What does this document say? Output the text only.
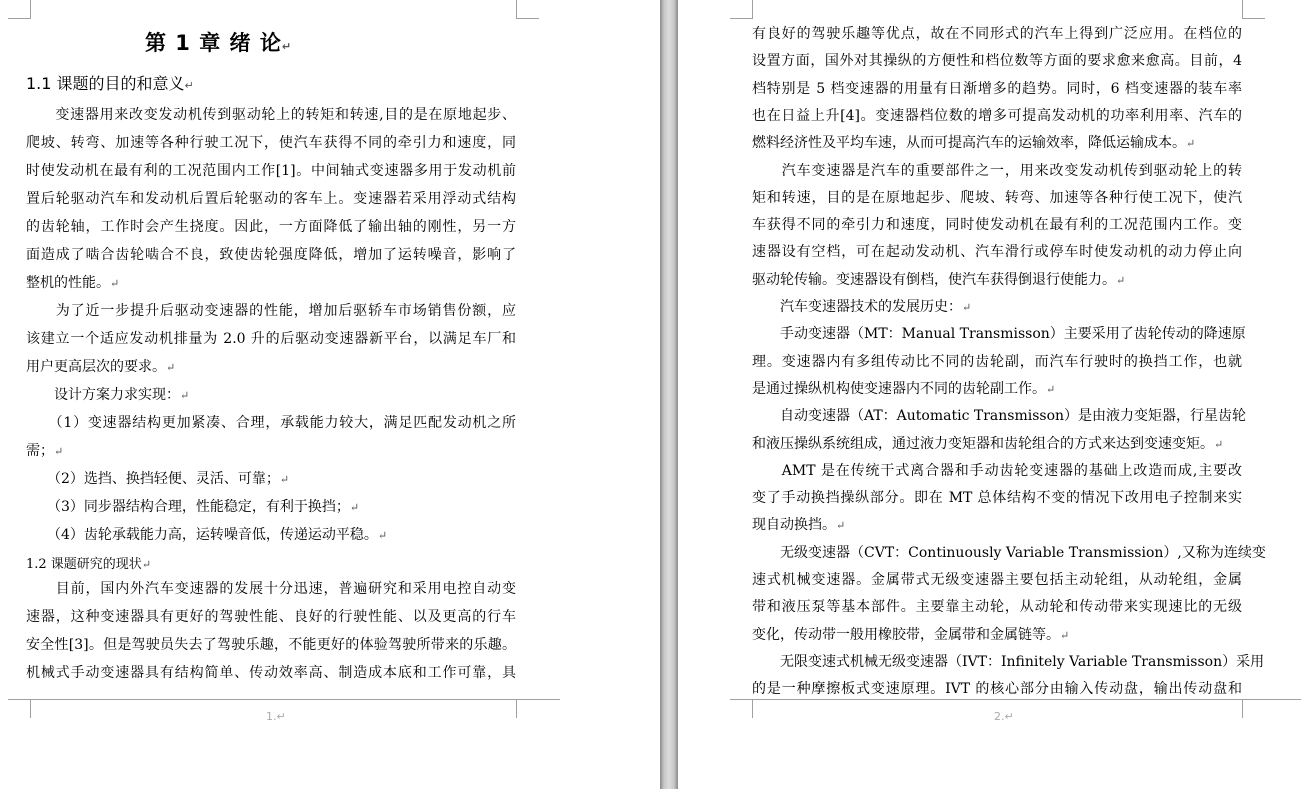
第 1 章 绪 论↵
1.1 课题的目的和意义↵
　　变速器用来改变发动机传到驱动轮上的转矩和转速,目的是在原地起步、
爬坡、转弯、加速等各种行驶工况下，使汽车获得不同的牵引力和速度，同
时使发动机在最有利的工况范围内工作[1]。中间轴式变速器多用于发动机前
置后轮驱动汽车和发动机后置后轮驱动的客车上。变速器若采用浮动式结构
的齿轮轴，工作时会产生挠度。因此，一方面降低了输出轴的刚性，另一方
面造成了啮合齿轮啮合不良，致使齿轮强度降低，增加了运转噪音，影响了
整机的性能。↵
　　为了近一步提升后驱动变速器的性能，增加后驱轿车市场销售份额，应
该建立一个适应发动机排量为 2.0 升的后驱动变速器新平台，以满足车厂和
用户更高层次的要求。↵
　　设计方案力求实现：↵
　　（1）变速器结构更加紧凑、合理，承载能力较大，满足匹配发动机之所
需；↵
　　（2）选挡、换挡轻便、灵活、可靠；↵
　　（3）同步器结构合理，性能稳定，有利于换挡；↵
　　（4）齿轮承载能力高，运转噪音低，传递运动平稳。↵
1.2 课题研究的现状↵
　　目前，国内外汽车变速器的发展十分迅速，普遍研究和采用电控自动变
速器，这种变速器具有更好的驾驶性能、良好的行驶性能、以及更高的行车
安全性[3]。但是驾驶员失去了驾驶乐趣，不能更好的体验驾驶所带来的乐趣。
机械式手动变速器具有结构简单、传动效率高、制造成本底和工作可靠，具
1.↵
有良好的驾驶乐趣等优点，故在不同形式的汽车上得到广泛应用。在档位的
设置方面，国外对其操纵的方便性和档位数等方面的要求愈来愈高。目前，4
档特别是 5 档变速器的用量有日渐增多的趋势。同时，6 档变速器的装车率
也在日益上升[4]。变速器档位数的增多可提高发动机的功率利用率、汽车的
燃料经济性及平均车速，从而可提高汽车的运输效率，降低运输成本。↵
　　汽车变速器是汽车的重要部件之一，用来改变发动机传到驱动轮上的转
矩和转速，目的是在原地起步、爬坡、转弯、加速等各种行使工况下，使汽
车获得不同的牵引力和速度，同时使发动机在最有利的工况范围内工作。变
速器设有空档，可在起动发动机、汽车滑行或停车时使发动机的动力停止向
驱动轮传输。变速器设有倒档，使汽车获得倒退行使能力。↵
　　汽车变速器技术的发展历史：↵
　　手动变速器（MT：Manual Transmisson）主要采用了齿轮传动的降速原
理。变速器内有多组传动比不同的齿轮副，而汽车行驶时的换挡工作，也就
是通过操纵机构使变速器内不同的齿轮副工作。↵
　　自动变速器（AT：Automatic Transmisson）是由液力变矩器，行星齿轮
和液压操纵系统组成，通过液力变矩器和齿轮组合的方式来达到变速变矩。↵
　　AMT 是在传统干式离合器和手动齿轮变速器的基础上改造而成,主要改
变了手动换挡操纵部分。即在 MT 总体结构不变的情况下改用电子控制来实
现自动换挡。↵
　　无级变速器（CVT：Continuously Variable Transmission）,又称为连续变
速式机械变速器。金属带式无级变速器主要包括主动轮组，从动轮组，金属
带和液压泵等基本部件。主要靠主动轮，从动轮和传动带来实现速比的无级
变化，传动带一般用橡胶带，金属带和金属链等。↵
　　无限变速式机械无级变速器（IVT：Infinitely Variable Transmisson）采用
的是一种摩擦板式变速原理。IVT 的核心部分由输入传动盘，输出传动盘和
2.↵
